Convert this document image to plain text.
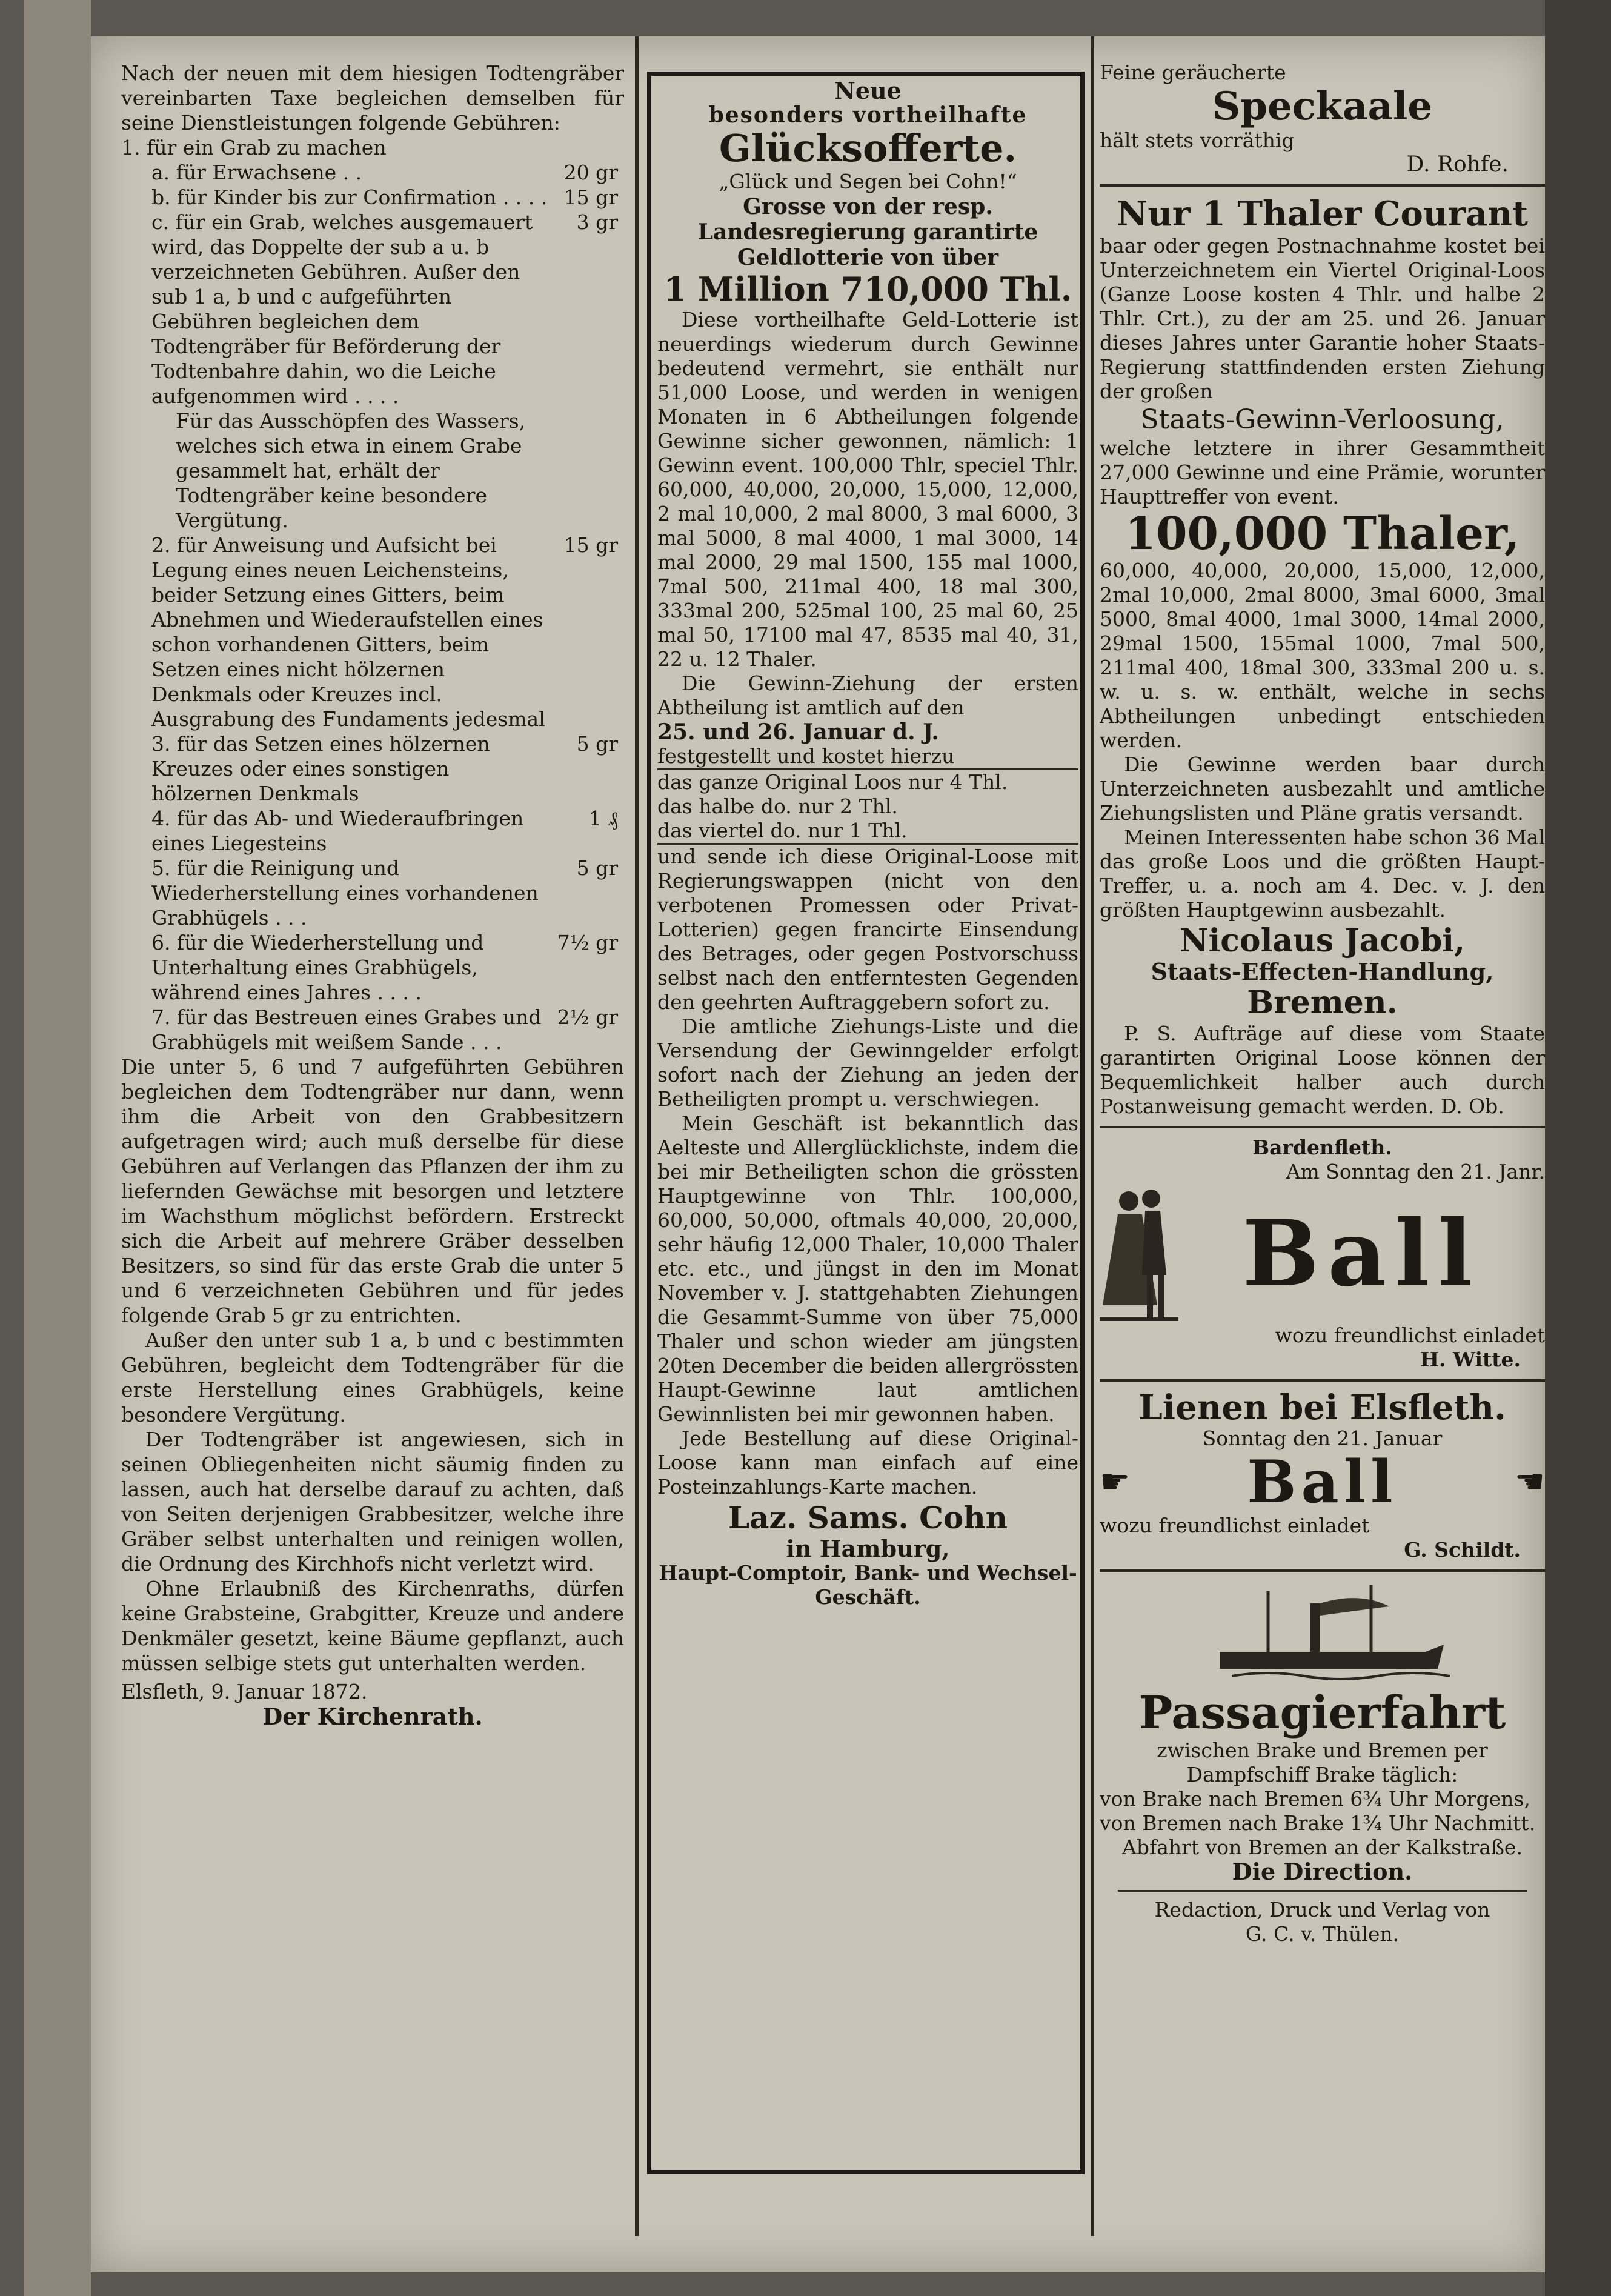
Nach der neuen mit dem hiesigen Todtengräber vereinbarten Taxe begleichen demselben für seine Dienstleistungen folgende Gebühren:

1. für ein Grab zu machen
a. für Erwachsene . .	20 gr
b. für Kinder bis zur Confirmation . . . . 15 gr
c. für ein Grab, welches ausgemauert wird, das Doppelte der sub a u. b verzeichneten Gebühren. Außer den sub 1 a, b und c aufgeführten Gebühren begleichen dem Todtengräber für Beförderung der Todtenbahre dahin, wo die Leiche aufgenommen wird . . . .
3 gr
Für das Ausschöpfen des Wassers, welches sich etwa in einem Grabe gesammelt hat, erhält der Todtengräber keine besondere Vergütung.
2. für Anweisung und Aufsicht bei Legung eines neuen Leichensteins, beider Setzung eines Gitters, beim Abnehmen und Wiederaufstellen eines schon vorhandenen Gitters, beim Setzen eines nicht hölzernen Denkmals oder Kreuzes incl. Ausgrabung des Fundaments jedesmal
15 gr
3. für das Setzen eines hölzernen Kreuzes oder eines sonstigen hölzernen Denkmals
5 gr
4. für das Ab- und Wiederaufbringen eines Liegesteins
1 ₰
5. für die Reinigung und Wiederherstellung eines vorhandenen Grabhügels . . .
5 gr
6. für die Wiederherstellung und Unterhaltung eines Grabhügels, während eines Jahres . . . .
7½ gr
7. für das Bestreuen eines Grabes und Grabhügels mit weißem Sande . . .
2½ gr

Die unter 5, 6 und 7 aufgeführten Gebühren begleichen dem Todtengräber nur dann, wenn ihm die Arbeit von den Grabbesitzern aufgetragen wird; auch muß derselbe für diese Gebühren auf Verlangen das Pflanzen der ihm zu liefernden Gewächse mit besorgen und letztere im Wachsthum möglichst befördern. Erstreckt sich die Arbeit auf mehrere Gräber desselben Besitzers, so sind für das erste Grab die unter 5 und 6 verzeichneten Gebühren und für jedes folgende Grab 5 gr zu entrichten.

Außer den unter sub 1 a, b und c bestimmten Gebühren, begleicht dem Todtengräber für die erste Herstellung eines Grabhügels, keine besondere Vergütung.

Der Todtengräber ist angewiesen, sich in seinen Obliegenheiten nicht säumig finden zu lassen, auch hat derselbe darauf zu achten, daß von Seiten derjenigen Grabbesitzer, welche ihre Gräber selbst unterhalten und reinigen wollen, die Ordnung des Kirchhofs nicht verletzt wird.

Ohne Erlaubniß des Kirchenraths, dürfen keine Grabsteine, Grabgitter, Kreuze und andere Denkmäler gesetzt, keine Bäume gepflanzt, auch müssen selbige stets gut unterhalten werden.

Elsfleth, 9. Januar 1872.

Der Kirchenrath.

Neue

besonders vortheilhafte

Glücksofferte.

„Glück und Segen bei Cohn!“

Grosse von der resp. Landesregierung garantirte Geldlotterie von über

1 Million 710,000 Thl.

Diese vortheilhafte Geld-Lotterie ist neuerdings wiederum durch Gewinne bedeutend vermehrt, sie enthält nur 51,000 Loose, und werden in wenigen Monaten in 6 Abtheilungen folgende Gewinne sicher gewonnen, nämlich: 1 Gewinn event. 100,000 Thlr, speciel Thlr. 60,000, 40,000, 20,000, 15,000, 12,000, 2 mal 10,000, 2 mal 8000, 3 mal 6000, 3 mal 5000, 8 mal 4000, 1 mal 3000, 14 mal 2000, 29 mal 1500, 155 mal 1000, 7mal 500, 211mal 400, 18 mal 300, 333mal 200, 525mal 100, 25 mal 60, 25 mal 50, 17100 mal 47, 8535 mal 40, 31, 22 u. 12 Thaler.

Die Gewinn-Ziehung der ersten Abtheilung ist amtlich auf den

25. und 26. Januar d. J.

festgestellt und kostet hierzu

das ganze Original Loos nur 4 Thl.

das halbe do. nur 2 Thl.

das viertel do. nur 1 Thl.

und sende ich diese Original-Loose mit Regierungswappen (nicht von den verbotenen Promessen oder Privat-Lotterien) gegen francirte Einsendung des Betrages, oder gegen Postvorschuss selbst nach den entferntesten Gegenden den geehrten Auftraggebern sofort zu.

Die amtliche Ziehungs-Liste und die Versendung der Gewinngelder erfolgt sofort nach der Ziehung an jeden der Betheiligten prompt u. verschwiegen.

Mein Geschäft ist bekanntlich das Aelteste und Allerglücklichste, indem die bei mir Betheiligten schon die grössten Hauptgewinne von Thlr. 100,000, 60,000, 50,000, oftmals 40,000, 20,000, sehr häufig 12,000 Thaler, 10,000 Thaler etc. etc., und jüngst in den im Monat November v. J. stattgehabten Ziehungen die Gesammt-Summe von über 75,000 Thaler und schon wieder am jüngsten 20ten December die beiden allergrössten Haupt-Gewinne laut amtlichen Gewinnlisten bei mir gewonnen haben.

Jede Bestellung auf diese Original-Loose kann man einfach auf eine Posteinzahlungs-Karte machen.

Laz. Sams. Cohn

in Hamburg,

Haupt-Comptoir, Bank- und Wechsel-Geschäft.

Feine geräucherte

Speckaale

hält stets vorräthig

D. Rohfe.

Nur 1 Thaler Courant

baar oder gegen Postnachnahme kostet bei Unterzeichnetem ein Viertel Original-Loos (Ganze Loose kosten 4 Thlr. und halbe 2 Thlr. Crt.), zu der am 25. und 26. Januar dieses Jahres unter Garantie hoher Staats-Regierung stattfindenden ersten Ziehung der großen

Staats-Gewinn-Verloosung,

welche letztere in ihrer Gesammtheit 27,000 Gewinne und eine Prämie, worunter Haupttreffer von event.

100,000 Thaler,

60,000, 40,000, 20,000, 15,000, 12,000, 2mal 10,000, 2mal 8000, 3mal 6000, 3mal 5000, 8mal 4000, 1mal 3000, 14mal 2000, 29mal 1500, 155mal 1000, 7mal 500, 211mal 400, 18mal 300, 333mal 200 u. s. w. u. s. w. enthält, welche in sechs Abtheilungen unbedingt entschieden werden.

Die Gewinne werden baar durch Unterzeichneten ausbezahlt und amtliche Ziehungslisten und Pläne gratis versandt.

Meinen Interessenten habe schon 36 Mal das große Loos und die größten Haupt-Treffer, u. a. noch am 4. Dec. v. J. den größten Hauptgewinn ausbezahlt.

Nicolaus Jacobi,

Staats-Effecten-Handlung,

Bremen.

P. S. Aufträge auf diese vom Staate garantirten Original Loose können der Bequemlichkeit halber auch durch Postanweisung gemacht werden. D. Ob.

Bardenfleth.

Am Sonntag den 21. Janr.

Ball

wozu freundlichst einladet

H. Witte.

Lienen bei Elsfleth.

Sonntag den 21. Januar

☛ Ball	☚

wozu freundlichst einladet

G. Schildt.

Passagierfahrt

zwischen Brake und Bremen per Dampfschiff Brake täglich:

von Brake nach Bremen 6¾ Uhr Morgens,

von Bremen nach Brake 1¾ Uhr Nachmitt.

Abfahrt von Bremen an der Kalkstraße.

Die Direction.

Redaction, Druck und Verlag von

G. C. v. Thülen.
